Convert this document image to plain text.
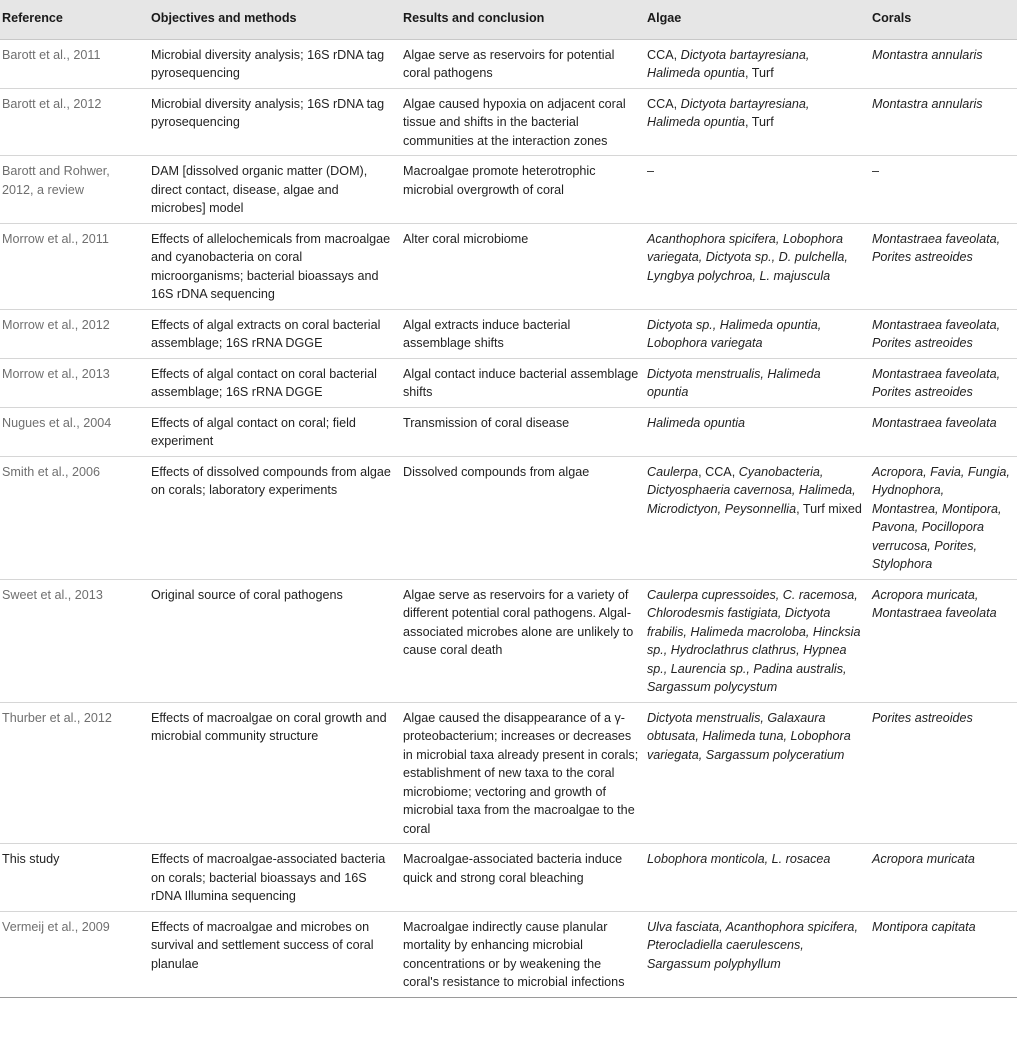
Reference	Objectives and methods	Results and conclusion	Algae	Corals
Barott et al., 2011	Microbial diversity analysis; 16S rDNA tag pyrosequencing	Algae serve as reservoirs for potential coral pathogens	CCA, Dictyota bartayresiana, Halimeda opuntia, Turf	Montastra annularis
Barott et al., 2012	Microbial diversity analysis; 16S rDNA tag pyrosequencing	Algae caused hypoxia on adjacent coral tissue and shifts in the bacterial communities at the interaction zones	CCA, Dictyota bartayresiana, Halimeda opuntia, Turf	Montastra annularis
Barott and Rohwer, 2012, a review	DAM [dissolved organic matter (DOM), direct contact, disease, algae and microbes] model	Macroalgae promote heterotrophic microbial overgrowth of coral	–	–
Morrow et al., 2011	Effects of allelochemicals from macroalgae and cyanobacteria on coral microorganisms; bacterial bioassays and 16S rDNA sequencing	Alter coral microbiome	Acanthophora spicifera, Lobophora variegata, Dictyota sp., D. pulchella, Lyngbya polychroa, L. majuscula	Montastraea faveolata, Porites astreoides
Morrow et al., 2012	Effects of algal extracts on coral bacterial assemblage; 16S rRNA DGGE	Algal extracts induce bacterial assemblage shifts	Dictyota sp., Halimeda opuntia, Lobophora variegata	Montastraea faveolata, Porites astreoides
Morrow et al., 2013	Effects of algal contact on coral bacterial assemblage; 16S rRNA DGGE	Algal contact induce bacterial assemblage shifts	Dictyota menstrualis, Halimeda opuntia	Montastraea faveolata, Porites astreoides
Nugues et al., 2004	Effects of algal contact on coral; field experiment	Transmission of coral disease	Halimeda opuntia	Montastraea faveolata
Smith et al., 2006	Effects of dissolved compounds from algae on corals; laboratory experiments	Dissolved compounds from algae	Caulerpa, CCA, Cyanobacteria, Dictyosphaeria cavernosa, Halimeda, Microdictyon, Peysonnellia, Turf mixed	Acropora, Favia, Fungia, Hydnophora, Montastrea, Montipora, Pavona, Pocillopora verrucosa, Porites, Stylophora
Sweet et al., 2013	Original source of coral pathogens	Algae serve as reservoirs for a variety of different potential coral pathogens. Algal-associated microbes alone are unlikely to cause coral death	Caulerpa cupressoides, C. racemosa, Chlorodesmis fastigiata, Dictyota frabilis, Halimeda macroloba, Hincksia sp., Hydroclathrus clathrus, Hypnea sp., Laurencia sp., Padina australis, Sargassum polycystum	Acropora muricata, Montastraea faveolata
Thurber et al., 2012	Effects of macroalgae on coral growth and microbial community structure	Algae caused the disappearance of a γ-proteobacterium; increases or decreases in microbial taxa already present in corals; establishment of new taxa to the coral microbiome; vectoring and growth of microbial taxa from the macroalgae to the coral	Dictyota menstrualis, Galaxaura obtusata, Halimeda tuna, Lobophora variegata, Sargassum polyceratium	Porites astreoides
This study	Effects of macroalgae-associated bacteria on corals; bacterial bioassays and 16S rDNA Illumina sequencing	Macroalgae-associated bacteria induce quick and strong coral bleaching	Lobophora monticola, L. rosacea	Acropora muricata
Vermeij et al., 2009	Effects of macroalgae and microbes on survival and settlement success of coral planulae	Macroalgae indirectly cause planular mortality by enhancing microbial concentrations or by weakening the coral's resistance to microbial infections	Ulva fasciata, Acanthophora spicifera, Pterocladiella caerulescens, Sargassum polyphyllum	Montipora capitata
